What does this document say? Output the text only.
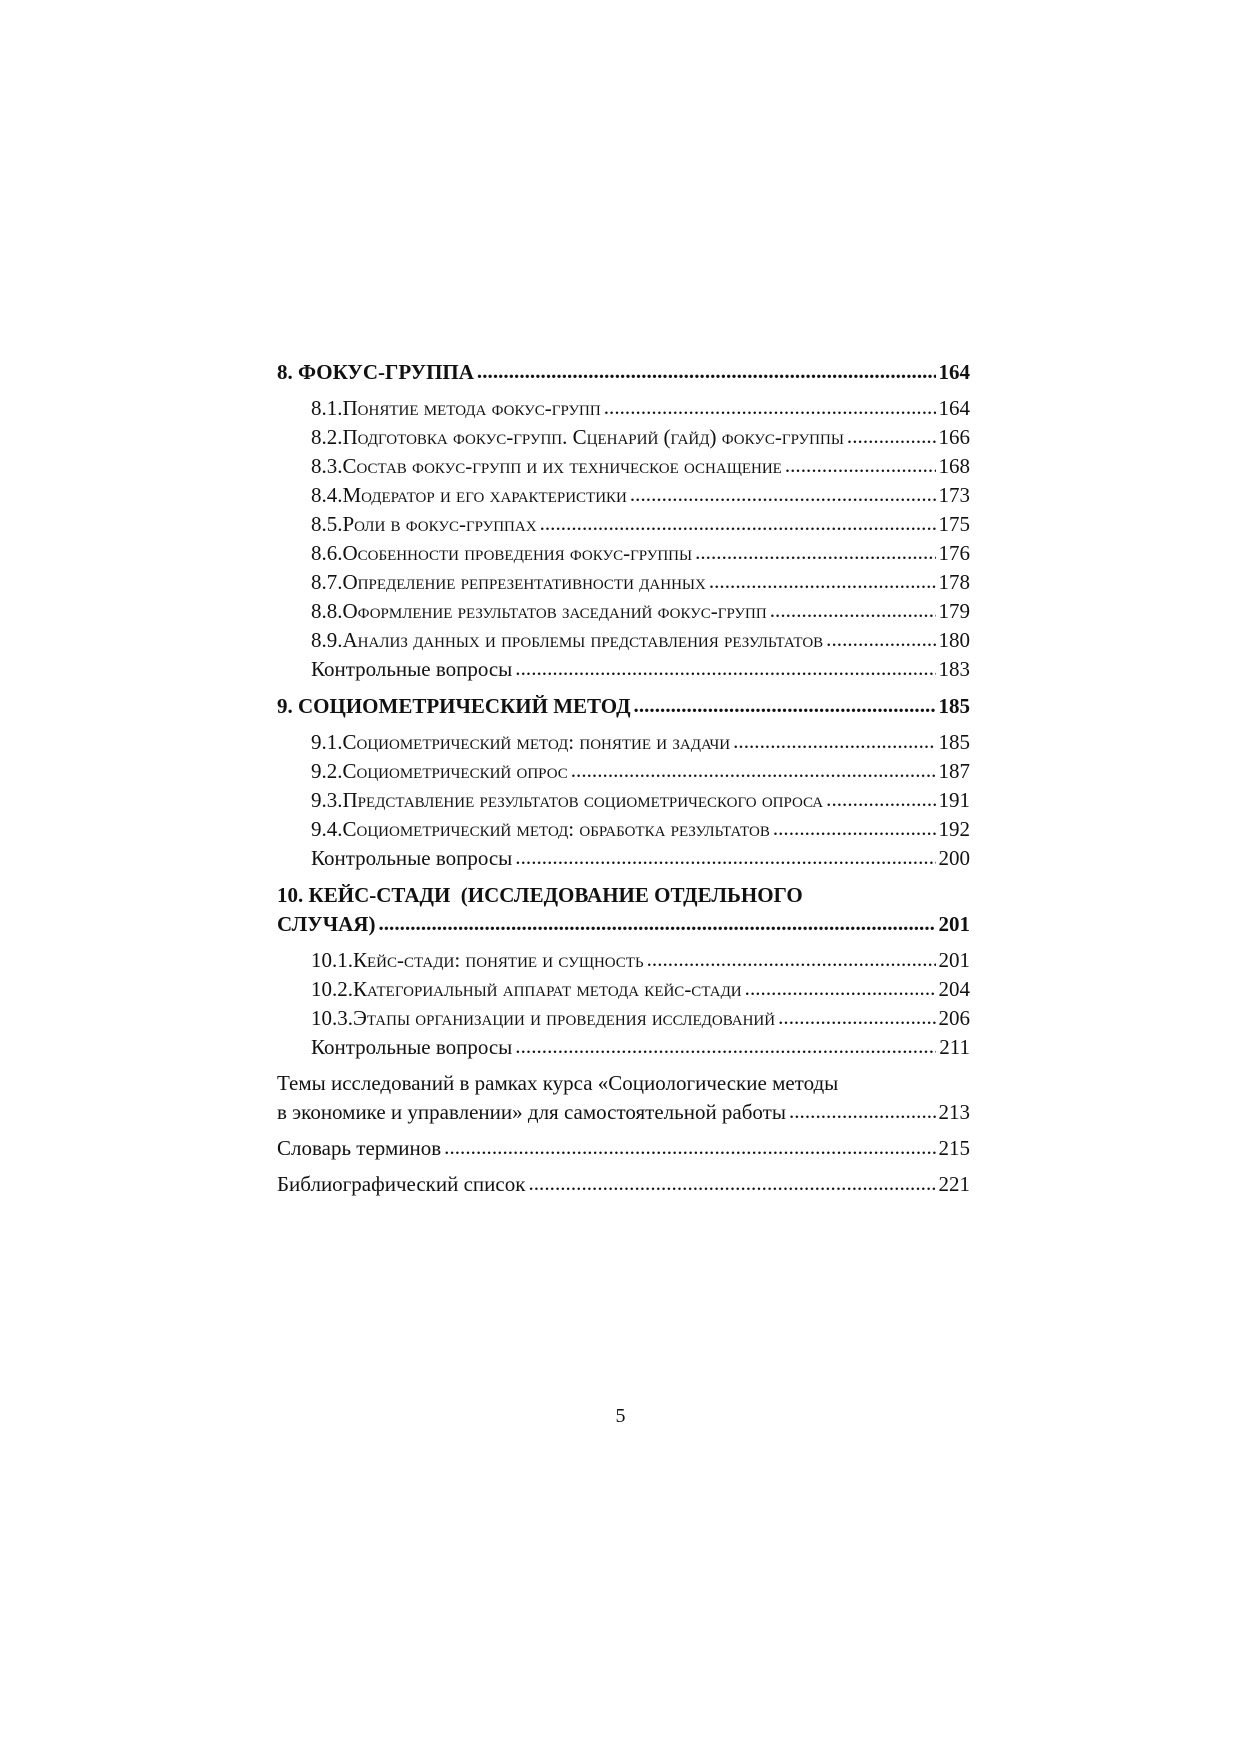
8.
ФОКУС-ГРУППА . . .	164
8.1. Понятие метода фокус-групп . . .	164
8.2. Подготовка фокус-групп. Сценарий (гайд) фокус-группы . . .	166
8.3. Состав фокус-групп и их техническое оснащение . . .	168
8.4. Модератор и его характеристики . . .	173
8.5. Роли в фокус-группах . . .	175
8.6. Особенности проведения фокус-группы . . .	176
8.7. Определение репрезентативности данных . . .	178
8.8. Оформление результатов заседаний фокус-групп . . .	179
8.9. Анализ данных и проблемы представления результатов . . .	180
Контрольные вопросы . . .	183
9.
СОЦИОМЕТРИЧЕСКИЙ МЕТОД . . .	185
9.1. Социометрический метод: понятие и задачи . . .	185
9.2. Социометрический опрос . . .	187
9.3. Представление результатов социометрического опроса . . .	191
9.4. Социометрический метод: обработка результатов . . .	192
Контрольные вопросы . . .	200
10. КЕЙС-СТАДИ  (ИССЛЕДОВАНИЕ ОТДЕЛЬНОГО
СЛУЧАЯ) . . .	201
10.1. Кейс-стади: понятие и сущность . . .	201
10.2. Категориальный аппарат метода кейс-стади . . .	204
10.3. Этапы организации и проведения исследований . . .	206
Контрольные вопросы . . .	211
Темы исследований в рамках курса «Социологические методы
в экономике и управлении» для самостоятельной работы . . .	213
Словарь терминов . . .	215
Библиографический список . . .	221
5
